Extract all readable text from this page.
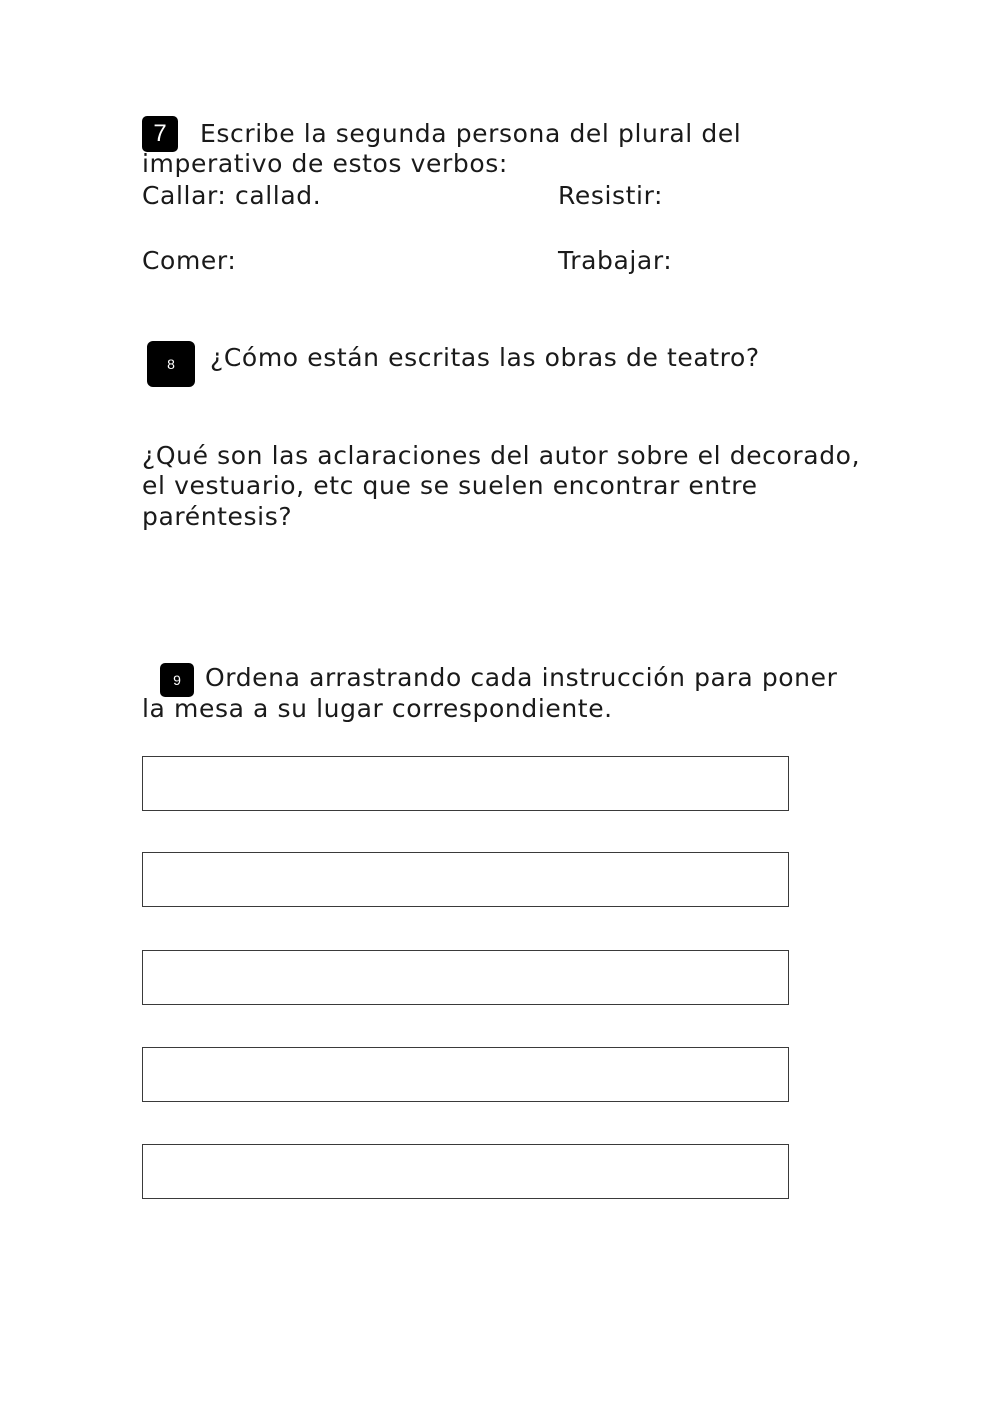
7	Escribe la segunda persona del plural del
imperativo de estos verbos:
Callar: callad.	Resistir:
Comer:	Trabajar:
8	¿Cómo están escritas las obras de teatro?
¿Qué son las aclaraciones del autor sobre el decorado,
el vestuario, etc que se suelen encontrar entre
paréntesis?
9 Ordena arrastrando cada instrucción para poner
la mesa a su lugar correspondiente.
